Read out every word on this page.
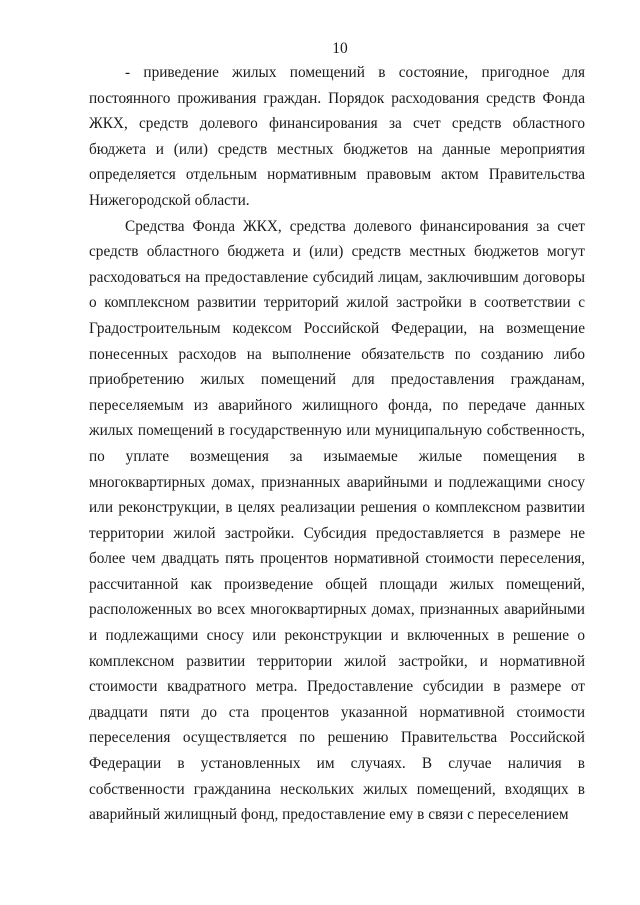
10

- приведение жилых помещений в состояние, пригодное для постоянного проживания граждан. Порядок расходования средств Фонда ЖКХ, средств долевого финансирования за счет средств областного бюджета и (или) средств местных бюджетов на данные мероприятия определяется отдельным нормативным правовым актом Правительства Нижегородской области.

Средства Фонда ЖКХ, средства долевого финансирования за счет средств областного бюджета и (или) средств местных бюджетов могут расходоваться на предоставление субсидий лицам, заключившим договоры о комплексном развитии территорий жилой застройки в соответствии с Градостроительным кодексом Российской Федерации, на возмещение понесенных расходов на выполнение обязательств по созданию либо приобретению жилых помещений для предоставления гражданам, переселяемым из аварийного жилищного фонда, по передаче данных жилых помещений в государственную или муниципальную собственность, по уплате возмещения за изымаемые жилые помещения в многоквартирных домах, признанных аварийными и подлежащими сносу или реконструкции, в целях реализации решения о комплексном развитии территории жилой застройки. Субсидия предоставляется в размере не более чем двадцать пять процентов нормативной стоимости переселения, рассчитанной как произведение общей площади жилых помещений, расположенных во всех многоквартирных домах, признанных аварийными и подлежащими сносу или реконструкции и включенных в решение о комплексном развитии территории жилой застройки, и нормативной стоимости квадратного метра. Предоставление субсидии в размере от двадцати пяти до ста процентов указанной нормативной стоимости переселения осуществляется по решению Правительства Российской Федерации в установленных им случаях. В случае наличия в собственности гражданина нескольких жилых помещений, входящих в аварийный жилищный фонд, предоставление ему в связи с переселением
